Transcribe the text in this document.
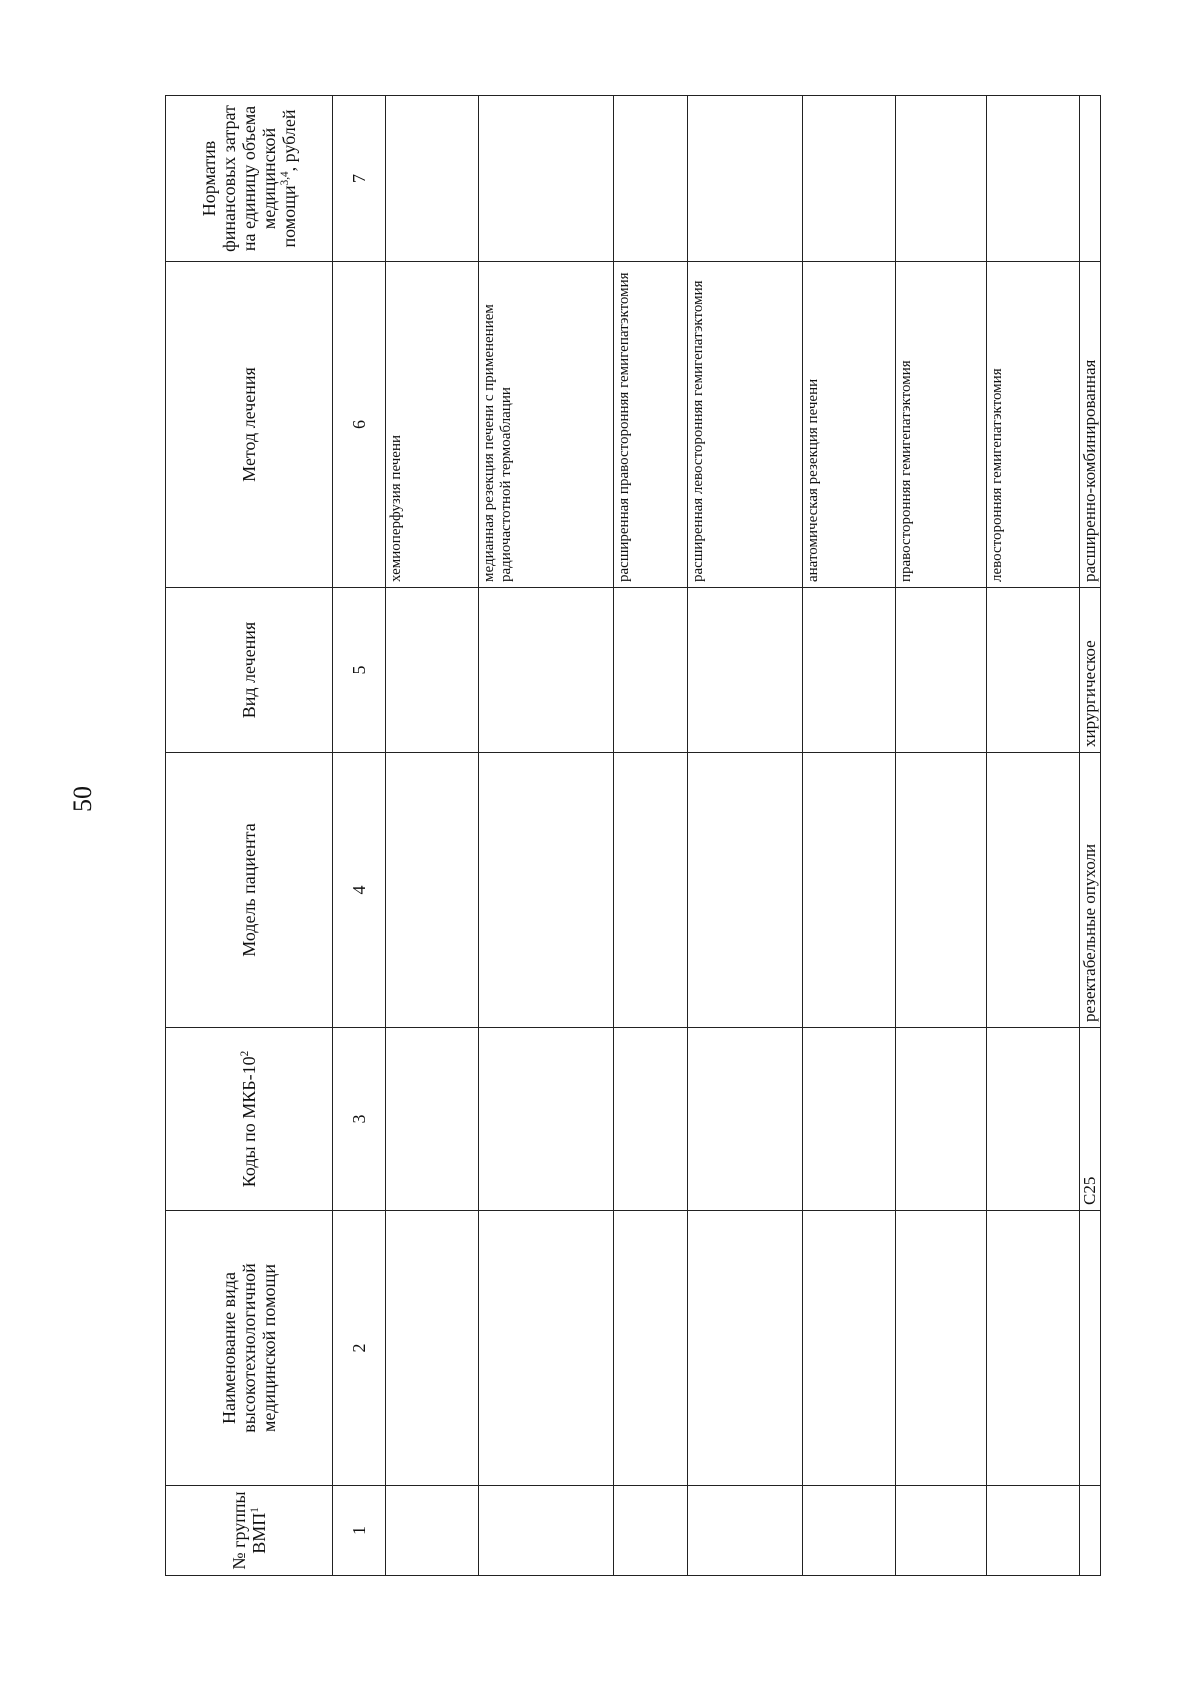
50
№ группы ВМП$^1$	Наименование вида высокотехнологичной медицинской помощи	Коды по МКБ-$10^2$	Модель пациента	Вид лечения	Метод лечения	Норматив финансовых затрат на единицу объема медицинской помощи$^{3,4}$, рублей
1	2	3	4	5	6	7
					хемиоперфузия печени	
					медианная резекция печени с применением радиочастотной термоаблации	
					расширенная правосторонняя гемигепатэктомия	
					расширенная левосторонняя гемигепатэктомия	
					анатомическая резекция печени	
					правосторонняя гемигепатэктомия	
					левосторонняя гемигепатэктомия	
		С25	резектабельные опухоли	хирургическое	расширенно-комбинированная	
